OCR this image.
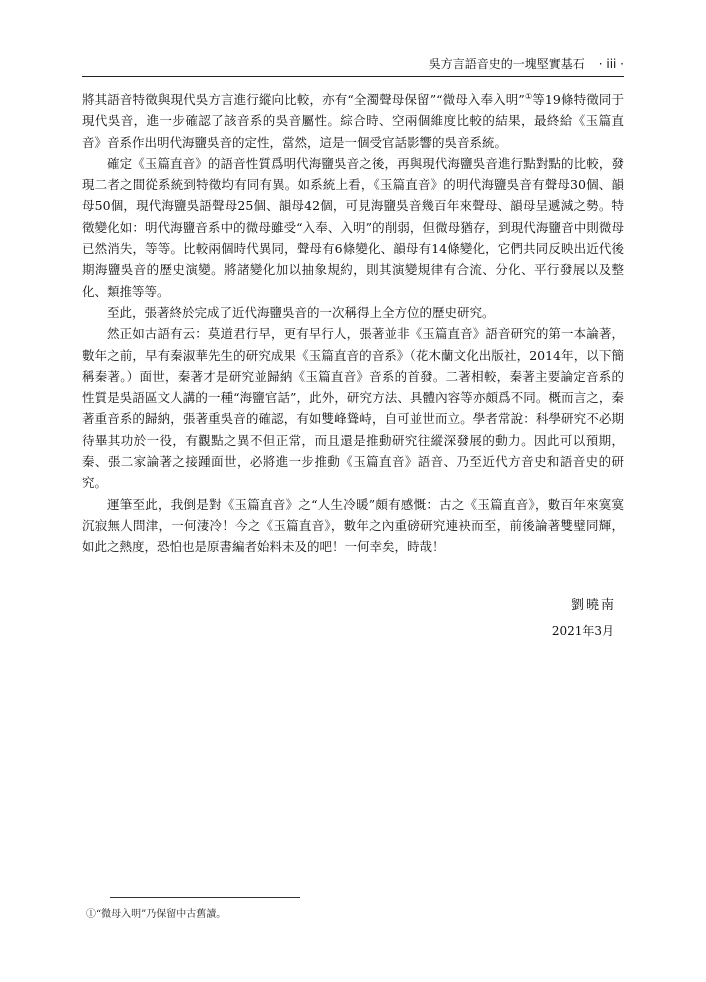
吳方言語音史的一塊堅實基石 · iii ·

將其語音特徵與現代吳方言進行縱向比較，亦有“全濁聲母保留”“微母入奉入明”①等19條特徵同于現代吳音，進一步確認了該音系的吳音屬性。綜合時、空兩個維度比較的結果，最終給《玉篇直音》音系作出明代海鹽吳音的定性，當然，這是一個受官話影響的吳音系統。

確定《玉篇直音》的語音性質爲明代海鹽吳音之後，再與現代海鹽吳音進行點對點的比較，發現二者之間從系統到特徵均有同有異。如系統上看，《玉篇直音》的明代海鹽吳音有聲母30個、韻母50個，現代海鹽吳語聲母25個、韻母42個，可見海鹽吳音幾百年來聲母、韻母呈遞減之勢。特徵變化如：明代海鹽音系中的微母雖受“入奉、入明”的削弱，但微母猶存，到現代海鹽音中則微母已然消失，等等。比較兩個時代異同，聲母有6條變化、韻母有14條變化，它們共同反映出近代後期海鹽吳音的歷史演變。將諸變化加以抽象規約，則其演變規律有合流、分化、平行發展以及整化、類推等等。

至此，張著終於完成了近代海鹽吳音的一次稱得上全方位的歷史研究。

然正如古語有云：莫道君行早，更有早行人，張著並非《玉篇直音》語音研究的第一本論著，數年之前，早有秦淑華先生的研究成果《玉篇直音的音系》（花木蘭文化出版社，2014年，以下簡稱秦著。）面世，秦著才是研究並歸納《玉篇直音》音系的首發。二著相較，秦著主要論定音系的性質是吳語區文人講的一種“海鹽官話”，此外，研究方法、具體內容等亦頗爲不同。概而言之，秦著重音系的歸納，張著重吳音的確認，有如雙峰聳峙，自可並世而立。學者常說：科學研究不必期待畢其功於一役，有觀點之異不但正常，而且還是推動研究往縱深發展的動力。因此可以預期，秦、張二家論著之接踵面世，必將進一步推動《玉篇直音》語音、乃至近代方音史和語音史的研究。

運筆至此，我倒是對《玉篇直音》之“人生冷暖”頗有感慨：古之《玉篇直音》，數百年來寞寞沉寂無人問津，一何淒冷！今之《玉篇直音》，數年之內重磅研究連袂而至，前後論著雙璧同輝，如此之熱度，恐怕也是原書編者始料未及的吧！一何幸矣，時哉！

劉曉南
2021年3月
①“微母入明”乃保留中古舊讀。
